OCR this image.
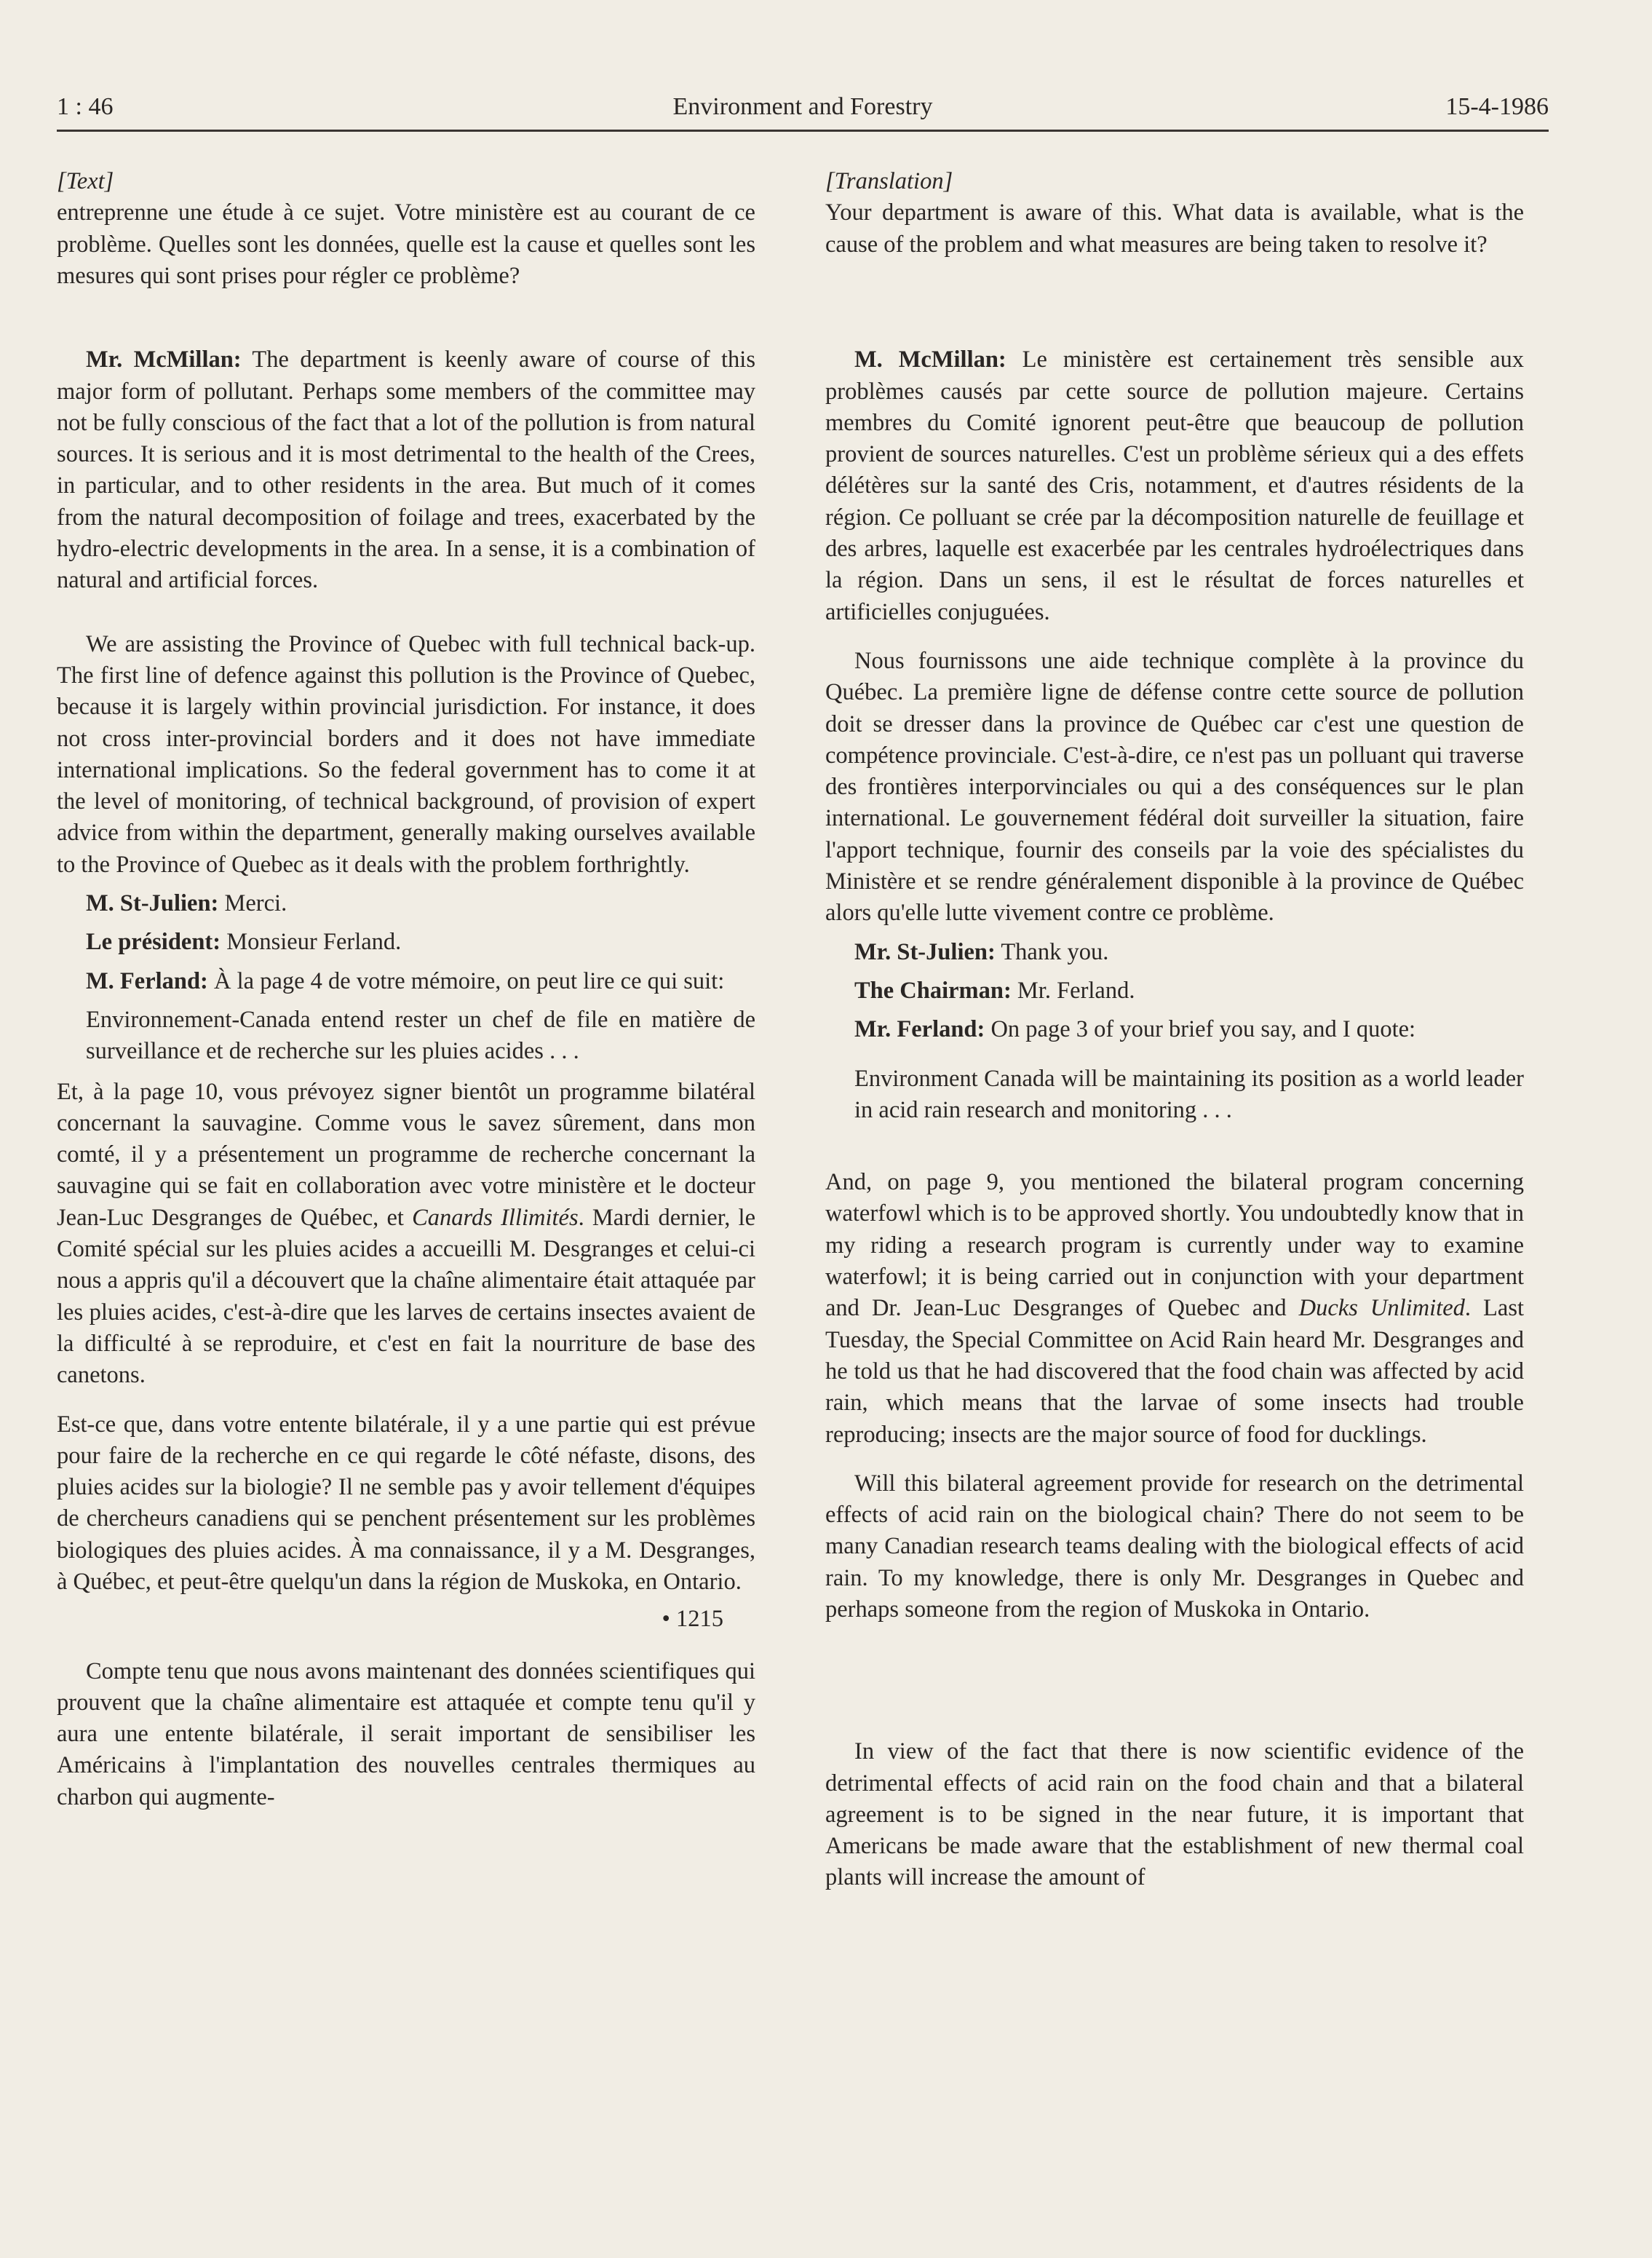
1 : 46	Environment and Forestry	15-4-1986
[Text]

entreprenne une étude à ce sujet. Votre ministère est au courant de ce problème. Quelles sont les données, quelle est la cause et quelles sont les mesures qui sont prises pour régler ce problème?

Mr. McMillan: The department is keenly aware of course of this major form of pollutant. Perhaps some members of the committee may not be fully conscious of the fact that a lot of the pollution is from natural sources. It is serious and it is most detrimental to the health of the Crees, in particular, and to other residents in the area. But much of it comes from the natural decomposition of foilage and trees, exacerbated by the hydro-electric developments in the area. In a sense, it is a combination of natural and artificial forces.

We are assisting the Province of Quebec with full technical back-up. The first line of defence against this pollution is the Province of Quebec, because it is largely within provincial jurisdiction. For instance, it does not cross inter-provincial borders and it does not have immediate international implications. So the federal government has to come it at the level of monitoring, of technical background, of provision of expert advice from within the department, generally making ourselves available to the Province of Quebec as it deals with the problem forthrightly.

M. St-Julien: Merci.

Le président: Monsieur Ferland.

M. Ferland: À la page 4 de votre mémoire, on peut lire ce qui suit:

Environnement-Canada entend rester un chef de file en matière de surveillance et de recherche sur les pluies acides . . .

Et, à la page 10, vous prévoyez signer bientôt un programme bilatéral concernant la sauvagine. Comme vous le savez sûrement, dans mon comté, il y a présentement un programme de recherche concernant la sauvagine qui se fait en collaboration avec votre ministère et le docteur Jean-Luc Desgranges de Québec, et Canards Illimités. Mardi dernier, le Comité spécial sur les pluies acides a accueilli M. Desgranges et celui-ci nous a appris qu'il a découvert que la chaîne alimentaire était attaquée par les pluies acides, c'est-à-dire que les larves de certains insectes avaient de la difficulté à se reproduire, et c'est en fait la nourriture de base des canetons.

Est-ce que, dans votre entente bilatérale, il y a une partie qui est prévue pour faire de la recherche en ce qui regarde le côté néfaste, disons, des pluies acides sur la biologie? Il ne semble pas y avoir tellement d'équipes de chercheurs canadiens qui se penchent présentement sur les problèmes biologiques des pluies acides. À ma connaissance, il y a M. Desgranges, à Québec, et peut-être quelqu'un dans la région de Muskoka, en Ontario.

• 1215

Compte tenu que nous avons maintenant des données scientifiques qui prouvent que la chaîne alimentaire est attaquée et compte tenu qu'il y aura une entente bilatérale, il serait important de sensibiliser les Américains à l'implantation des nouvelles centrales thermiques au charbon qui augmente-

[Translation]

Your department is aware of this. What data is available, what is the cause of the problem and what measures are being taken to resolve it?

M. McMillan: Le ministère est certainement très sensible aux problèmes causés par cette source de pollution majeure. Certains membres du Comité ignorent peut-être que beaucoup de pollution provient de sources naturelles. C'est un problème sérieux qui a des effets délétères sur la santé des Cris, notamment, et d'autres résidents de la région. Ce polluant se crée par la décomposition naturelle de feuillage et des arbres, laquelle est exacerbée par les centrales hydroélectriques dans la région. Dans un sens, il est le résultat de forces naturelles et artificielles conjuguées.

Nous fournissons une aide technique complète à la province du Québec. La première ligne de défense contre cette source de pollution doit se dresser dans la province de Québec car c'est une question de compétence provinciale. C'est-à-dire, ce n'est pas un polluant qui traverse des frontières interporvinciales ou qui a des conséquences sur le plan international. Le gouvernement fédéral doit surveiller la situation, faire l'apport technique, fournir des conseils par la voie des spécialistes du Ministère et se rendre généralement disponible à la province de Québec alors qu'elle lutte vivement contre ce problème.

Mr. St-Julien: Thank you.

The Chairman: Mr. Ferland.

Mr. Ferland: On page 3 of your brief you say, and I quote:

Environment Canada will be maintaining its position as a world leader in acid rain research and monitoring . . .

And, on page 9, you mentioned the bilateral program concerning waterfowl which is to be approved shortly. You undoubtedly know that in my riding a research program is currently under way to examine waterfowl; it is being carried out in conjunction with your department and Dr. Jean-Luc Desgranges of Quebec and Ducks Unlimited. Last Tuesday, the Special Committee on Acid Rain heard Mr. Desgranges and he told us that he had discovered that the food chain was affected by acid rain, which means that the larvae of some insects had trouble reproducing; insects are the major source of food for ducklings.

Will this bilateral agreement provide for research on the detrimental effects of acid rain on the biological chain? There do not seem to be many Canadian research teams dealing with the biological effects of acid rain. To my knowledge, there is only Mr. Desgranges in Quebec and perhaps someone from the region of Muskoka in Ontario.

In view of the fact that there is now scientific evidence of the detrimental effects of acid rain on the food chain and that a bilateral agreement is to be signed in the near future, it is important that Americans be made aware that the establishment of new thermal coal plants will increase the amount of
